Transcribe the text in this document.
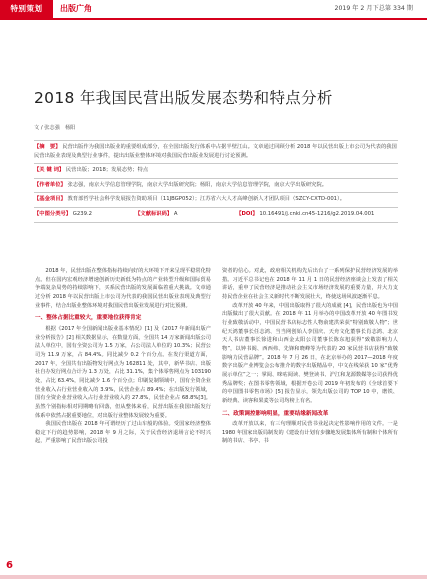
特别策划	出版广角	2019 年 2 月下总第 334 期
2018 年我国民营出版发展态势和特点分析
文 / 张志强　杨阳
【摘　要】 民营出版作为我国出版业的重要组成部分，在全国出版发行体系中占据半壁江山。文章通过回顾分析 2018 年以民营出版上市公司为代表的我国民营出版业表现及典型行业事件，提出出版业整体环境对我国民营出版业发展进行讨论预测。
【关 键 词】 民营出版；2018；发展态势；特点
【作者单位】 张志强，南京大学信息管理学院，南京大学出版研究院；杨阳，南京大学信息管理学院，南京大学出版研究院。
【基金项目】 教育部哲学社会科学发展报告资助项目（11JBGP052）；江苏省六大人才高峰创新人才团队项目（SZCY-CXTD-001）。
【中图分类号】 G239.2	【文献标识码】 A	【DOI】 10.16491/j.cnki.cn45-1216/g2.2019.04.001

2018 年，民营出版在整体指标持续向好的大环境下开来呈现平稳常化特点。但在国内宏观经济增速创新历史新低为特点的产业转型升级和国际贸易争端复杂局势的持续影响下，买系民营出版的发展面临着重大挑战。文章通过分析 2018 年以民营出版上市公司为代表的我国民营出版业表现及典型行业事件，结合出版业整体环境对我国民营出版业发展进行对比预测。

一、整体占据比重较大，重要地位获得肯定

根据《2017 年全国新闻出版业基本情况》[1] 及《2017 年新闻出版产业分析报告》[2] 相关数据显示，在数量方面，全国共 14 万家新闻出版公司法人单位中，国有全资公司为 1.5 万家，占公司法人单位的 10.3%；民营公司为 11.9 万家，占 84.4%。同比减少 0.2 个百分点。在发行渠道方面，2017 年，全国共有出版物发行网点为 162811 处，其中，新华书店、出版社自办发行网点合计为 1.3 万处，占比 31.1%，集个体零售网点为 103190 处，占比 63.4%，同比减少 1.6 个百分点；印刷复制领域中，国有全资企业营业收入占行业营业收入的 3.9%，民营企业占 89.4%；在出版发行领域，国有全资企业营业收入占行业营业收入的 27.8%，民营企业占 68.8%[3]。虽然个别指标相对同期略有回落，但从整体来看，民营出版在我国出版发行体系中依然占据重要地位，对出版行业整体发展较为重要。

我国民营出版在 2018 年可谓经历了过山车般的体验。受国家经济整体稳定下行的趋势影响，2018 年 9 月之际，关于民营经济退场言论不时兴起，严重影响了民营出版公司投

资者的信心。对此，政府相关机构先后出台了一系列保护民营经济发展的举措。习近平总书记也在 2018 年 11 月 1 日的民营经济座谈会上发表了相关讲话，重申了民营经济是推动社会主义市场经济发展的重要力量，并大力支持民营企业在社会主义新时代不断发展壮大，终使这场风波逐渐平息。

改革开放 40 年来，中国出版取得了很大的成就 [4]，民营出版也为中国出版做出了很大贡献。在 2018 年 11 月举办的中国改革开放 40 年图书发行业致敬活动中，中国民营书店标志性人物俞建洪荣获“特别致敬人物”；世纪天鸿董事长任志鸿、当当网创始人李国庆、天舟文化董事长肖志鸿、北京天人书店董事长徐进和山西金太阳公司董事长陈东旭获得“致敬影响力人物”，以钟书阁、西西弗、先锋和晓峰等为代表的 20 家民营书店获得“致敬影响力民营品牌”。2018 年 7 月 26 日，在北京举办的 2017—2018 年度数字出版产业博览会公布推介的数字出版精品中，中文在线荣获 10 家“优秀展示单位”之一；掌阅、咪咕阅读、樊登读书、沪江和龙源数媒等公司获得优秀品牌奖；在图书零售领域，根据开卷公司 2019 年初发布的《全球首要下的中国图书零售市场》[5] 报告显示，领先出版公司的 TOP 10 中，磨铁、新经典、读客和果麦等公司均榜上有名。

二、政策调控影响明显，重要结缘新闻改革

改革开放以来，有三句理顺对民营书业起决定性影响作用的文件。一是 1980 年国家出版局制发的《建设有计划有步骤地发展集体所有制和个体所有制的书店、书亭、书

6
